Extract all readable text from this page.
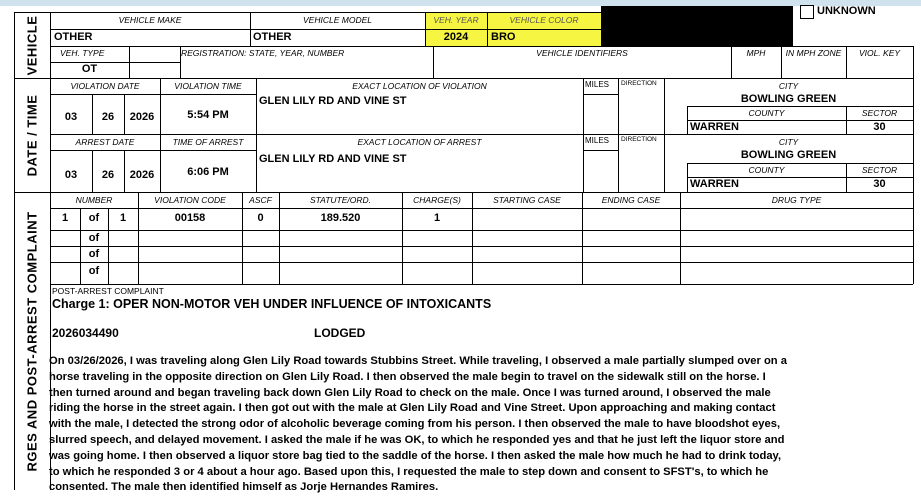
VEHICLE
DATE / TIME
RGES AND POST-ARREST COMPLAINT
VEHICLE MAKE	VEHICLE MODEL	VEH. YEAR	VEHICLE COLOR
OTHER	OTHER	2024	BRO
UNKNOWN
VEH. TYPE
OT
REGISTRATION: STATE, YEAR, NUMBER	VEHICLE IDENTIFIERS	MPH	IN MPH ZONE	VIOL. KEY
VIOLATION DATE	VIOLATION TIME
03	26	2026	5:54 PM
EXACT LOCATION OF VIOLATION
GLEN LILY RD AND VINE ST
MILES DIRECTION	CITY
BOWLING GREEN
COUNTY	SECTOR
WARREN	30
ARREST DATE	TIME OF ARREST
03	26	2026	6:06 PM
EXACT LOCATION OF ARREST
GLEN LILY RD AND VINE ST
MILES DIRECTION	CITY
BOWLING GREEN
COUNTY	SECTOR
WARREN	30
NUMBER	VIOLATION CODE	ASCF	STATUTE/ORD.	CHARGE(S)	STARTING CASE	ENDING CASE	DRUG TYPE
1	of	1	00158	0	189.520	1
of
of
of
POST-ARREST COMPLAINT
Charge 1: OPER NON-MOTOR VEH UNDER INFLUENCE OF INTOXICANTS
2026034490	LODGED

On 03/26/2026, I was traveling along Glen Lily Road towards Stubbins Street. While traveling, I observed a male partially slumped over on a

horse traveling in the opposite direction on Glen Lily Road. I then observed the male begin to travel on the sidewalk still on the horse. I

then turned around and began traveling back down Glen Lily Road to check on the male. Once I was turned around, I observed the male

riding the horse in the street again. I then got out with the male at Glen Lily Road and Vine Street. Upon approaching and making contact

with the male, I detected the strong odor of alcoholic beverage coming from his person. I then observed the male to have bloodshot eyes,

slurred speech, and delayed movement. I asked the male if he was OK, to which he responded yes and that he just left the liquor store and

was going home. I then observed a liquor store bag tied to the saddle of the horse. I then asked the male how much he had to drink today,

to which he responded 3 or 4 about a hour ago. Based upon this, I requested the male to step down and consent to SFST's, to which he

consented. The male then identified himself as Jorje Hernandes Ramires.
